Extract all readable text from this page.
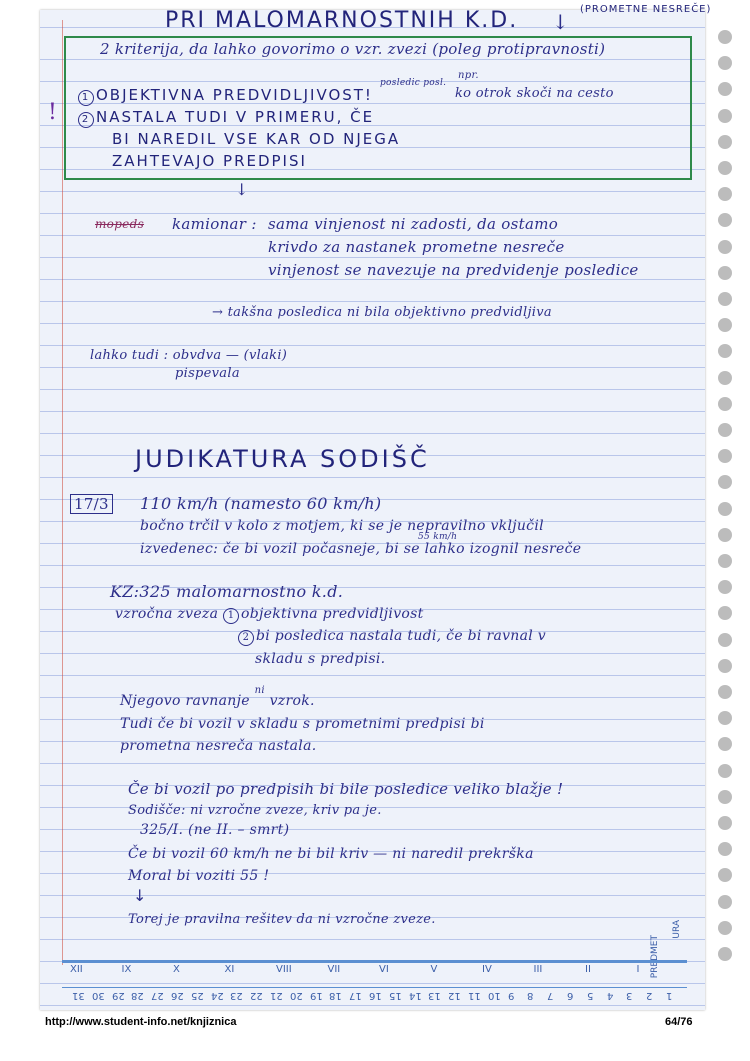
PRI MALOMARNOSTNIH K.D. ↓
(PROMETNE NESREČE)
2 kriterija, da lahko govorimo o vzr. zvezi (poleg protipravnosti)
1 OBJEKTIVNA PREDVIDLJIVOST!
npr.
ko otrok skoči na cesto
posledic posl.
2 NASTALA TUDI V PRIMERU, ČE
BI NAREDIL VSE KAR OD NJEGA
ZAHTEVAJO PREDPISI
!
↓
mopeds kamionar : sama vinjenost ni zadosti, da ostamo
krivdo za nastanek prometne nesreče
vinjenost se navezuje na predvidenje posledice
→ takšna posledica ni bila objektivno predvidljiva
lahko tudi : obvdva — (vlaki)
pispevala
JUDIKATURA SODIŠČ
17/3 110 km/h (namesto 60 km/h)
bočno trčil v kolo z motjem, ki se je nepravilno vključil
izvedenec: če bi vozil počasneje, bi se lahko izognil nesreče
55 km/h
KZ:325 malomarnostno k.d.
vzročna zveza 1 objektivna predvidljivost
2 bi posledica nastala tudi, če bi ravnal v
skladu s predpisi.
Njegovo ravnanje $^{ni}$ vzrok.
Tudi če bi vozil v skladu s prometnimi predpisi bi
prometna nesreča nastala.
Če bi vozil po predpisih bi bile posledice veliko blažje !
Sodišče: ni vzročne zveze, kriv pa je.
325/I. (ne II. – smrt)
Če bi vozil 60 km/h ne bi bil kriv — ni naredil prekrška
Moral bi voziti 55 !
↓
Torej je pravilna rešitev da ni vzročne zveze.
PREDMET
URA
XII	IX	X	XI	VIII	VII	VI	V	IV	III	II	I
31 30 29 28 27 26 25 24 23 22 21 20 19 18 17 16 15 14 13 12 11 10 9 8 7 6 5 4 3 2 1
http://www.student-info.net/knjiznica	64/76
